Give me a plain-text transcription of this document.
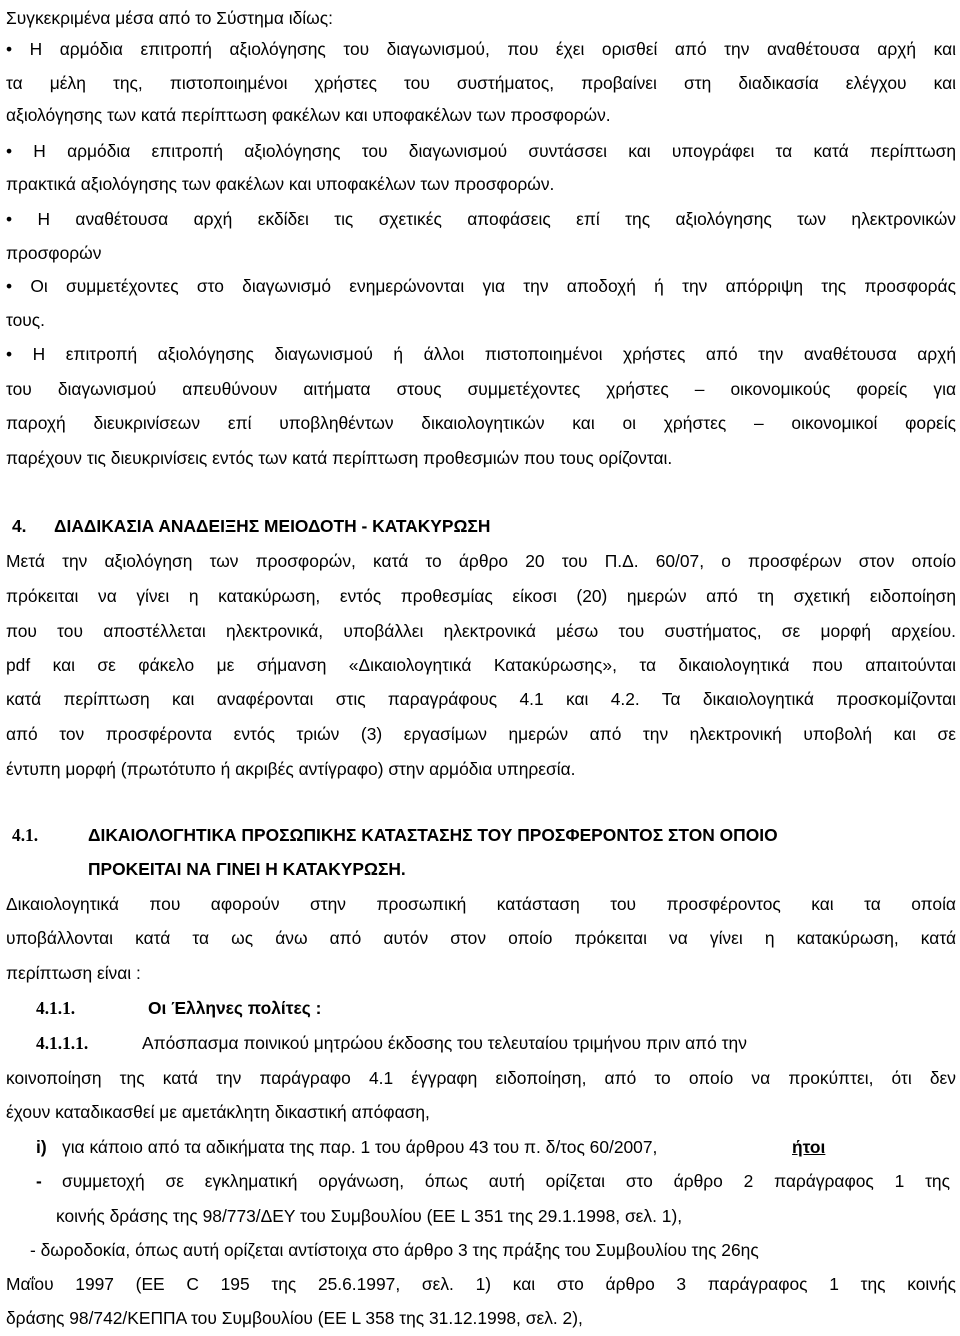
Συγκεκριμένα μέσα από το Σύστημα ιδίως:
• Η αρμόδια επιτροπή αξιολόγησης του διαγωνισμού, που έχει ορισθεί από την αναθέτουσα αρχή και
τα μέλη της, πιστοποιημένοι χρήστες του συστήματος, προβαίνει στη διαδικασία ελέγχου και
αξιολόγησης των κατά περίπτωση φακέλων και υποφακέλων των προσφορών.
• Η αρμόδια επιτροπή αξιολόγησης του διαγωνισμού συντάσσει και υπογράφει τα κατά περίπτωση
πρακτικά αξιολόγησης των φακέλων και υποφακέλων των προσφορών.
• Η αναθέτουσα αρχή εκδίδει τις σχετικές αποφάσεις επί της αξιολόγησης των ηλεκτρονικών
προσφορών
• Οι συμμετέχοντες στο διαγωνισμό ενημερώνονται για την αποδοχή ή την απόρριψη της προσφοράς
τους.
• Η επιτροπή αξιολόγησης διαγωνισμού ή άλλοι πιστοποιημένοι χρήστες από την αναθέτουσα αρχή
του διαγωνισμού απευθύνουν αιτήματα στους συμμετέχοντες χρήστες – οικονομικούς φορείς για
παροχή διευκρινίσεων επί υποβληθέντων δικαιολογητικών και οι χρήστες – οικονομικοί φορείς
παρέχουν τις διευκρινίσεις εντός των κατά περίπτωση προθεσμιών που τους ορίζονται.
4. ΔΙΑΔΙΚΑΣΙΑ ΑΝΑΔΕΙΞΗΣ ΜΕΙΟΔΟΤΗ - ΚΑΤΑΚΥΡΩΣΗ
Μετά την αξιολόγηση των προσφορών, κατά το άρθρο 20 του Π.Δ. 60/07, ο προσφέρων στον οποίο
πρόκειται να γίνει η κατακύρωση, εντός προθεσμίας είκοσι (20) ημερών από τη σχετική ειδοποίηση
που του αποστέλλεται ηλεκτρονικά, υποβάλλει ηλεκτρονικά μέσω του συστήματος, σε μορφή αρχείου.
pdf και σε φάκελο με σήμανση «Δικαιολογητικά Κατακύρωσης», τα δικαιολογητικά που απαιτούνται
κατά περίπτωση και αναφέρονται στις παραγράφους 4.1 και 4.2. Τα δικαιολογητικά προσκομίζονται
από τον προσφέροντα εντός τριών (3) εργασίμων ημερών από την ηλεκτρονική υποβολή και σε
έντυπη μορφή (πρωτότυπο ή ακριβές αντίγραφο) στην αρμόδια υπηρεσία.
4.1.	ΔΙΚΑΙΟΛΟΓΗΤΙΚΑ ΠΡΟΣΩΠΙΚΗΣ ΚΑΤΑΣΤΑΣΗΣ ΤΟΥ ΠΡΟΣΦΕΡΟΝΤΟΣ ΣΤΟΝ ΟΠΟΙΟ
ΠΡΟΚΕΙΤΑΙ ΝΑ ΓΙΝΕΙ Η ΚΑΤΑΚΥΡΩΣΗ.
Δικαιολογητικά που αφορούν στην προσωπική κατάσταση του προσφέροντος και τα οποία
υποβάλλονται κατά τα ως άνω από αυτόν στον οποίο πρόκειται να γίνει η κατακύρωση, κατά
περίπτωση είναι :
4.1.1.	Οι Έλληνες πολίτες :
4.1.1.1.	Απόσπασμα ποινικού μητρώου έκδοσης του τελευταίου τριμήνου πριν από την
κοινοποίηση της κατά την παράγραφο 4.1 έγγραφη ειδοποίηση, από το οποίο να προκύπτει, ότι δεν
έχουν καταδικασθεί με αμετάκλητη δικαστική απόφαση,
i) για κάποιο από τα αδικήματα της παρ. 1 του άρθρου 43 του π. δ/τος 60/2007,	ήτοι
- συμμετοχή σε εγκληματική οργάνωση, όπως αυτή ορίζεται στο άρθρο 2 παράγραφος 1 της
κοινής δράσης της 98/773/ΔΕΥ του Συμβουλίου (ΕΕ L 351 της 29.1.1998, σελ. 1),
- δωροδοκία, όπως αυτή ορίζεται αντίστοιχα στο άρθρο 3 της πράξης του Συμβουλίου της 26ης
Μαΐου 1997 (ΕΕ C 195 της 25.6.1997, σελ. 1) και στο άρθρο 3 παράγραφος 1 της κοινής
δράσης 98/742/ΚΕΠΠΑ του Συμβουλίου (ΕΕ L 358 της 31.12.1998, σελ. 2),
